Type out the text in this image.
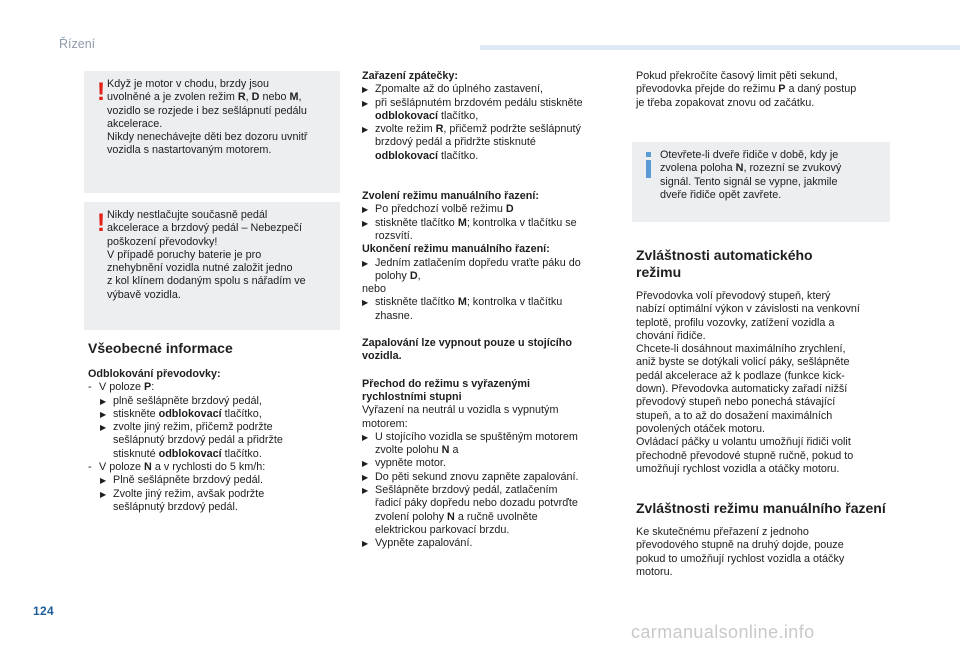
Řízení
! Když je motor v chodu, brzdy jsou

uvolněné a je zvolen režim R, D nebo M,

vozidlo se rozjede i bez sešlápnutí pedálu

akcelerace.

Nikdy nenechávejte děti bez dozoru uvnitř

vozidla s nastartovaným motorem.

! Nikdy nestlačujte současně pedál

akcelerace a brzdový pedál – Nebezpečí

poškození převodovky!

V případě poruchy baterie je pro

znehybnění vozidla nutné založit jedno

z kol klínem dodaným spolu s nářadím ve

výbavě vozidla.

Všeobecné informace

Odblokování převodovky:

- V poloze P:
▶ plně sešlápněte brzdový pedál,
▶ stiskněte odblokovací tlačítko,
▶ zvolte jiný režim, přičemž podržte
sešlápnutý brzdový pedál a přidržte
stisknuté odblokovací tlačítko.
- V poloze N a v rychlosti do 5 km/h:
▶ Plně sešlápněte brzdový pedál.
▶ Zvolte jiný režim, avšak podržte
sešlápnutý brzdový pedál.

Zařazení zpátečky:

▶ Zpomalte až do úplného zastavení,
▶ při sešlápnutém brzdovém pedálu stiskněte
odblokovací tlačítko,
▶ zvolte režim R, přičemž podržte sešlápnutý
brzdový pedál a přidržte stisknuté
odblokovací tlačítko.

Zvolení režimu manuálního řazení:

▶ Po předchozí volbě režimu D
▶ stiskněte tlačítko M; kontrolka v tlačítku se
rozsvítí.

Ukončení režimu manuálního řazení:

▶ Jedním zatlačením dopředu vraťte páku do
polohy D,

nebo

▶ stiskněte tlačítko M; kontrolka v tlačítku
zhasne.

Zapalování lze vypnout pouze u stojícího
vozidla.

Přechod do režimu s vyřazenými
rychlostními stupni

Vyřazení na neutrál u vozidla s vypnutým
motorem:

▶ U stojícího vozidla se spuštěným motorem
zvolte polohu N a
▶ vypněte motor.
▶ Do pěti sekund znovu zapněte zapalování.
▶ Sešlápněte brzdový pedál, zatlačením
řadicí páky dopředu nebo dozadu potvrďte
zvolení polohy N a ručně uvolněte
elektrickou parkovací brzdu.
▶ Vypněte zapalování.

Pokud překročíte časový limit pěti sekund,

převodovka přejde do režimu P a daný postup

je třeba zopakovat znovu od začátku.

Otevřete-li dveře řidiče v době, kdy je

zvolena poloha N, rozezní se zvukový

signál. Tento signál se vypne, jakmile

dveře řidiče opět zavřete.

Zvláštnosti automatického
režimu

Převodovka volí převodový stupeň, který

nabízí optimální výkon v závislosti na venkovní

teplotě, profilu vozovky, zatížení vozidla a

chování řidiče.

Chcete-li dosáhnout maximálního zrychlení,

aniž byste se dotýkali volicí páky, sešlápněte

pedál akcelerace až k podlaze (funkce kick-

down). Převodovka automaticky zařadí nižší

převodový stupeň nebo ponechá stávající

stupeň, a to až do dosažení maximálních

povolených otáček motoru.

Ovládací páčky u volantu umožňují řidiči volit

přechodně převodové stupně ručně, pokud to

umožňují rychlost vozidla a otáčky motoru.

Zvláštnosti režimu manuálního řazení

Ke skutečnému přeřazení z jednoho

převodového stupně na druhý dojde, pouze

pokud to umožňují rychlost vozidla a otáčky

motoru.

124
carmanualsonline.info
